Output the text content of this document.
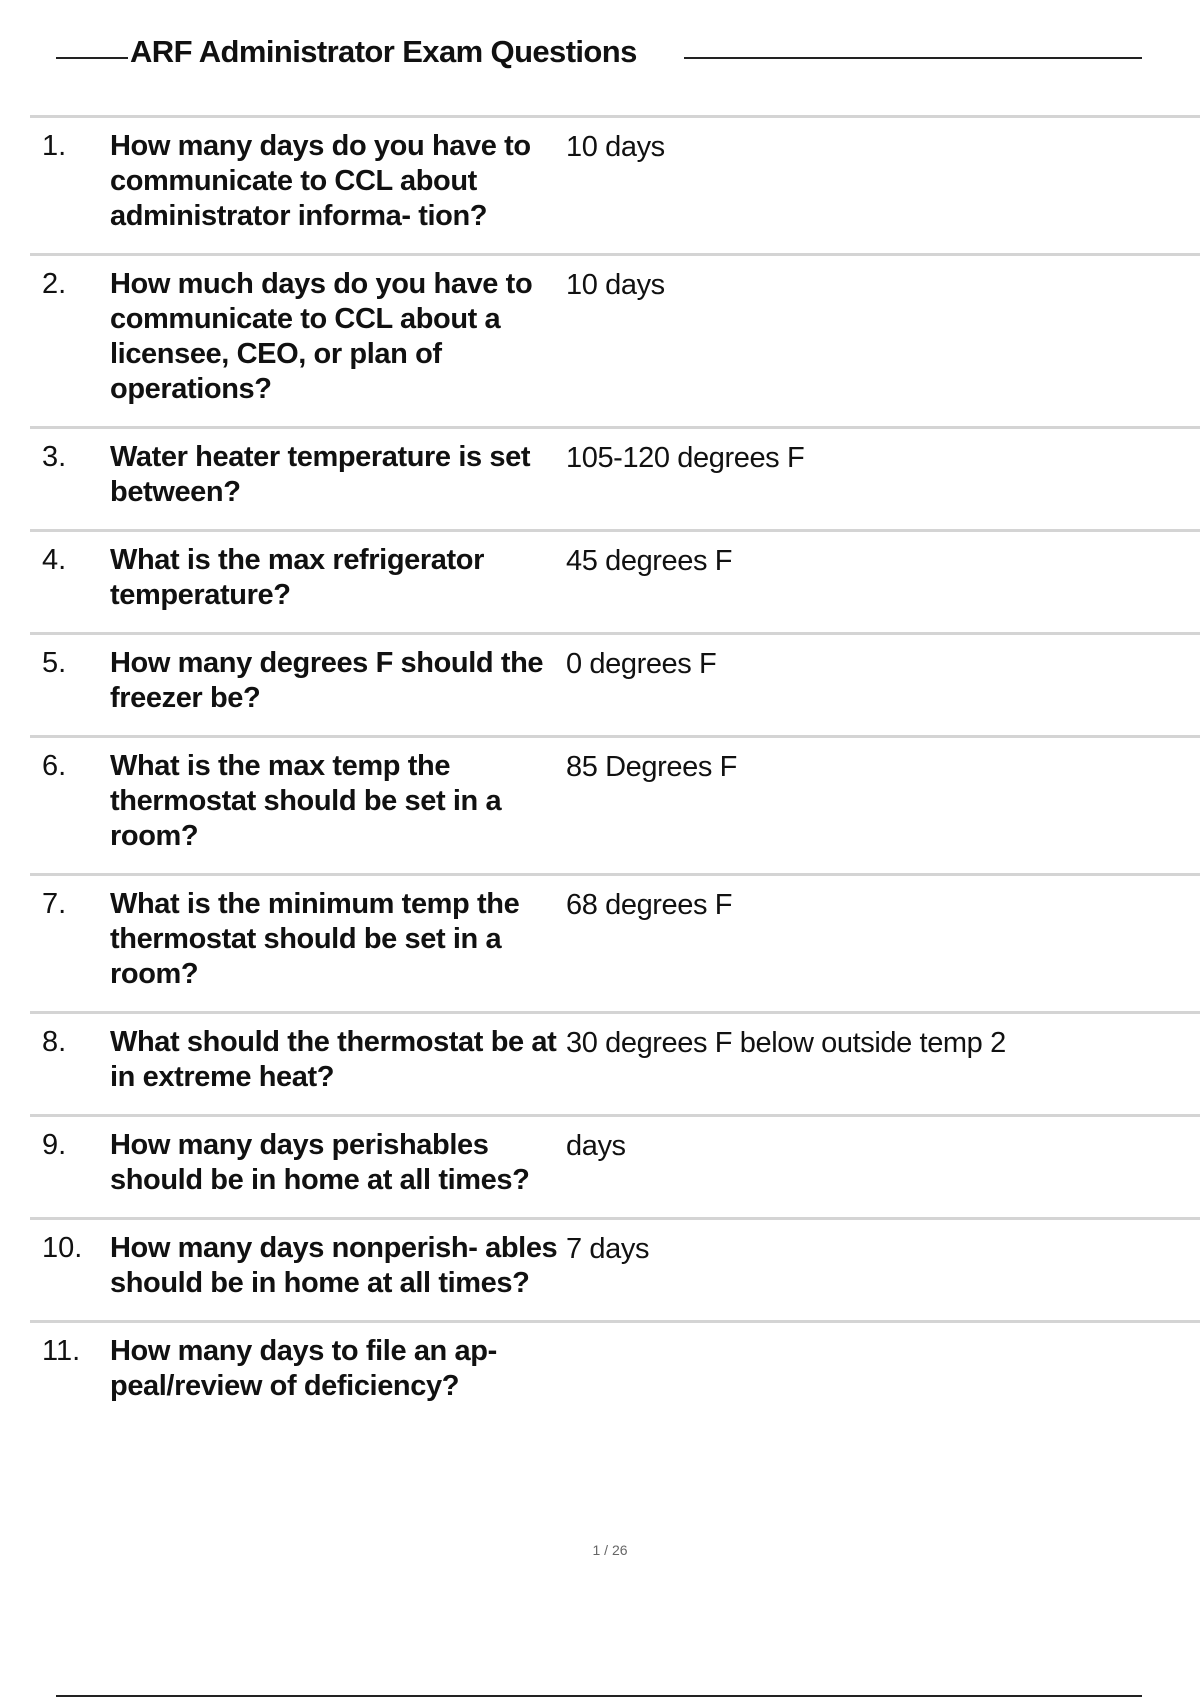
ARF Administrator Exam Questions
1. How many days do you have to communicate to CCL about administrator informa- tion?
10 days
2. How much days do you have to communicate to CCL about a licensee, CEO, or plan of operations?
10 days
3. Water heater temperature is set between?
105-120 degrees F
4. What is the max refrigerator temperature?
45 degrees F
5. How many degrees F should the freezer be?
0 degrees F
6. What is the max temp the thermostat should be set in a room?
85 Degrees F
7. What is the minimum temp the thermostat should be set in a room?
68 degrees F
8. What should the thermostat be at in extreme heat?
30 degrees F below outside temp 2
9. How many days perishables should be in home at all times?
days
10. How many days nonperish- ables should be in home at all times?
7 days
11. How many days to file an ap- peal/review of deficiency?
1 / 26
